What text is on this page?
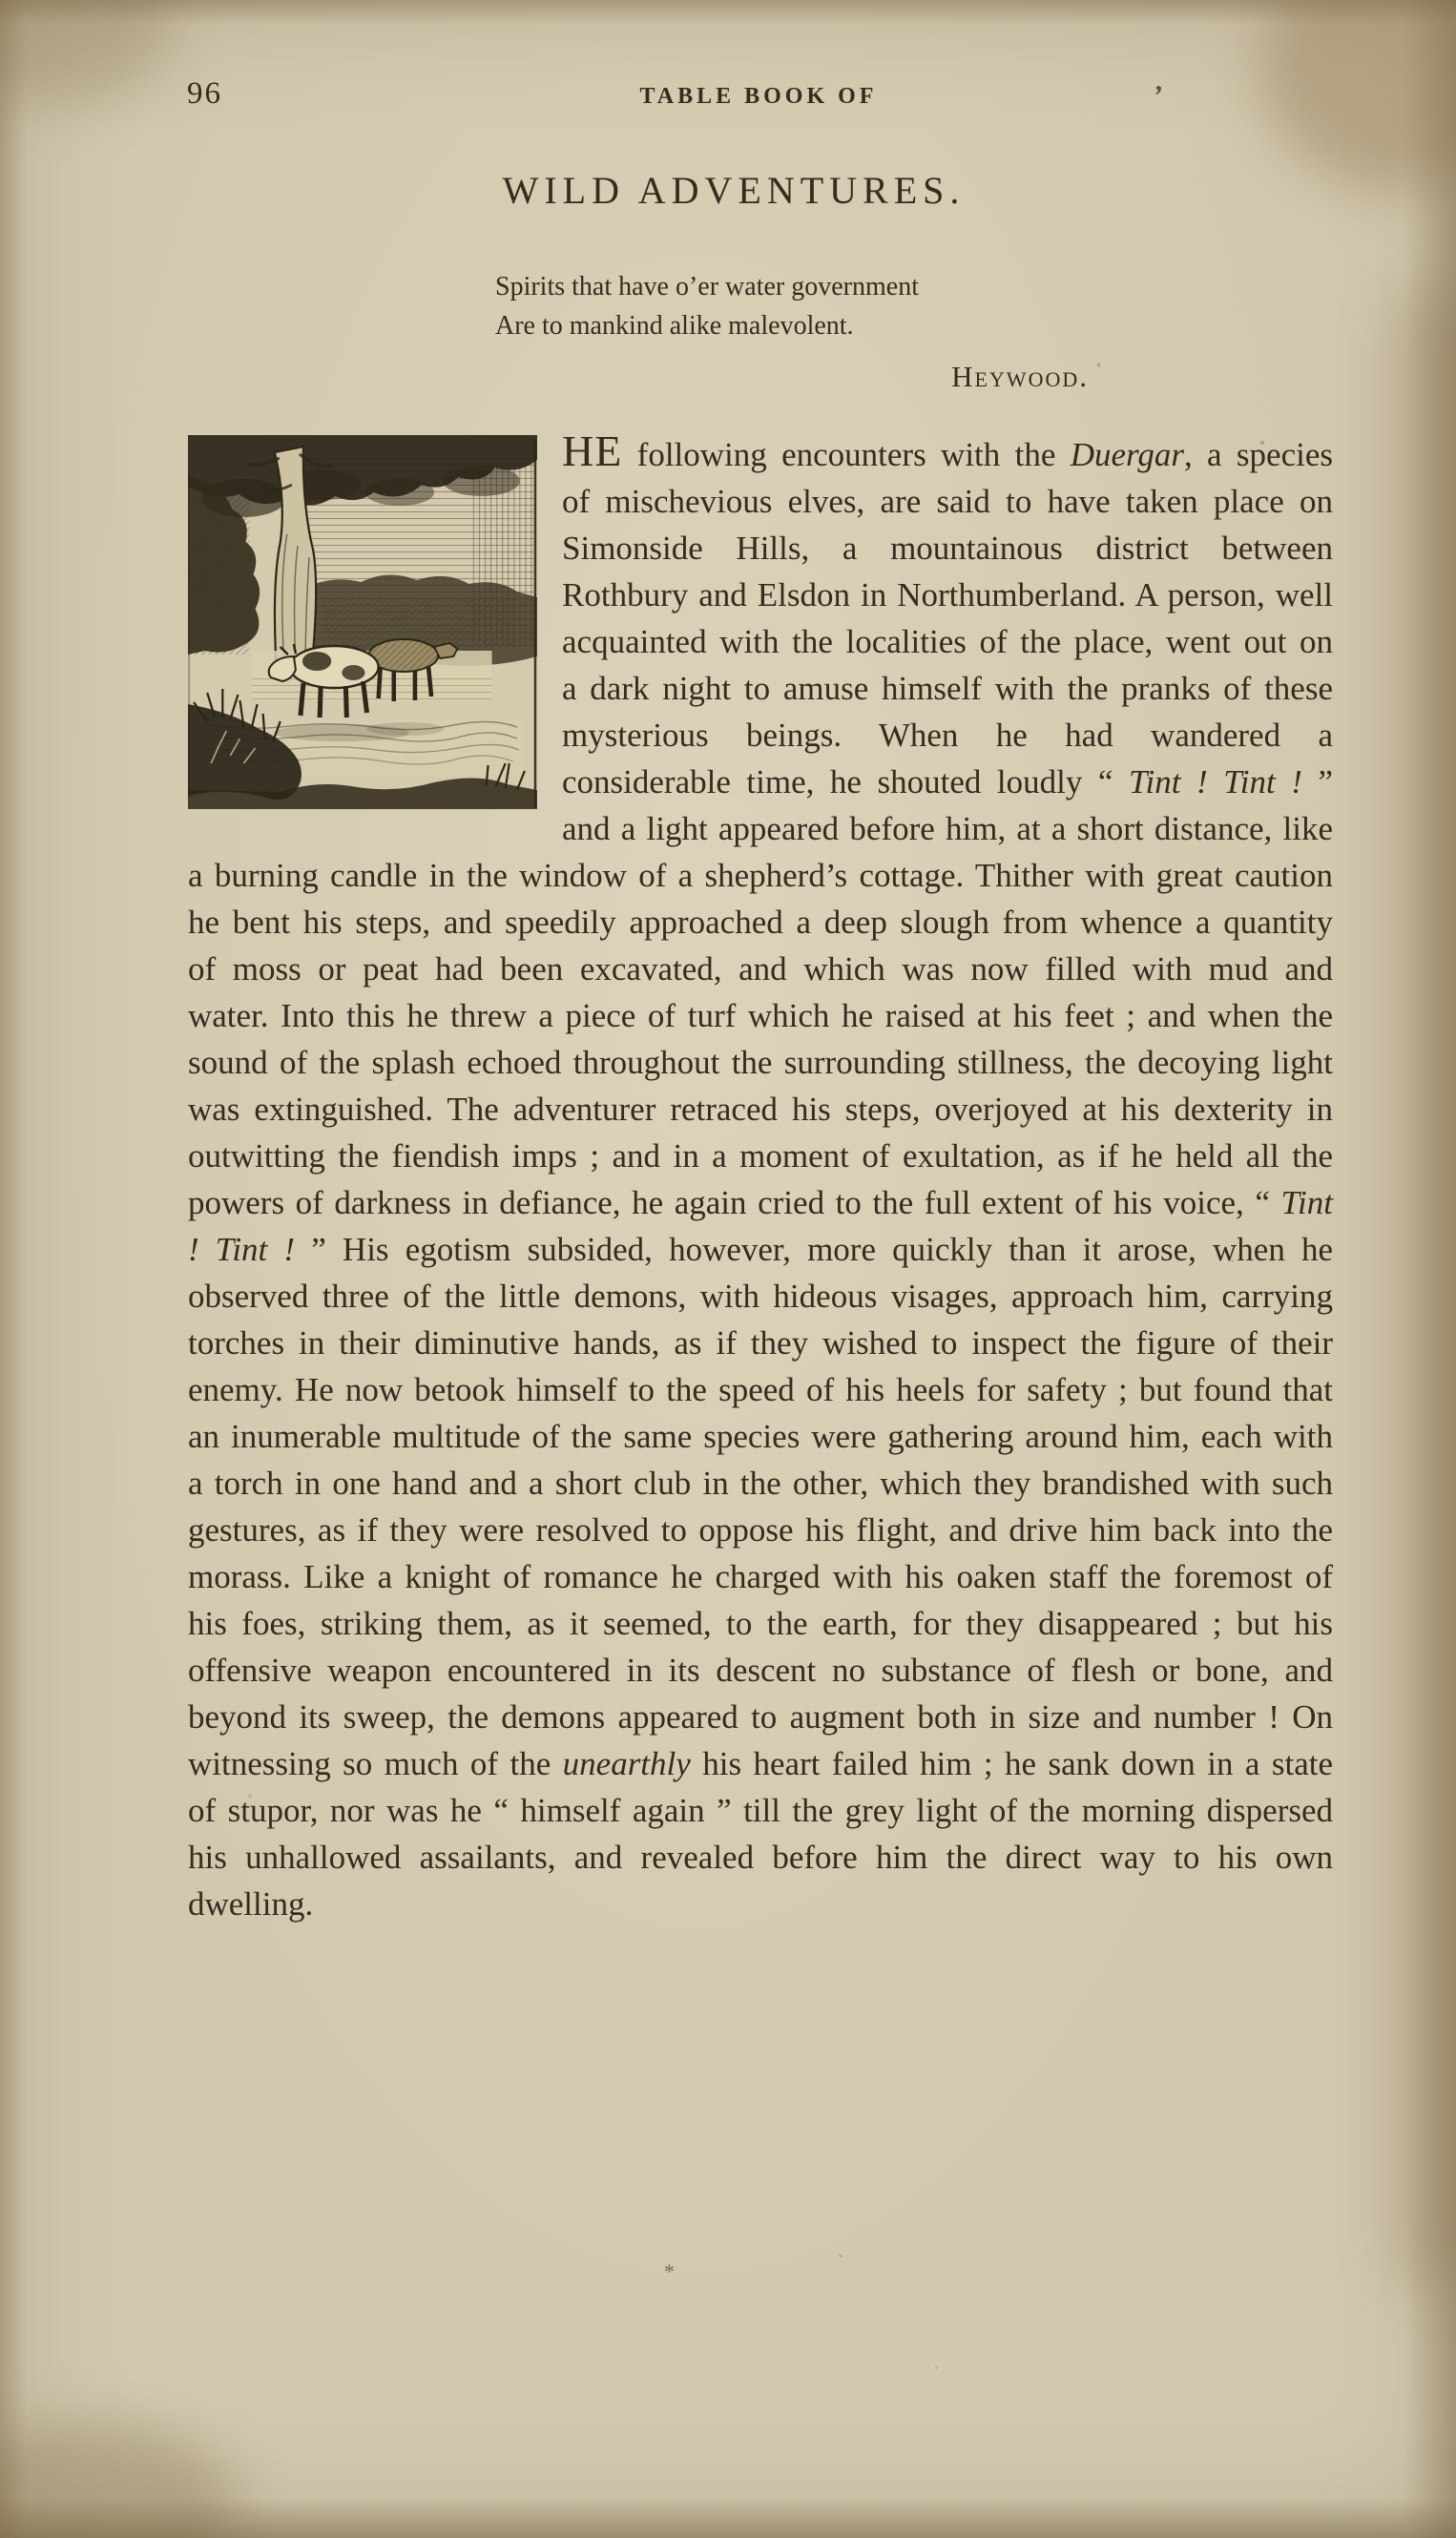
96	TABLE BOOK OF	ʼ
WILD ADVENTURES.
Spirits that have o’er water government
Are to mankind alike malevolent.
Heywood.

HE following encounters with the Duergar, a species of mischevious elves, are said to have taken place on Simonside Hills, a mountainous district between Rothbury and Elsdon in Northumberland. A person, well acquainted with the localities of the place, went out on a dark night to amuse himself with the pranks of these mysterious beings. When he had wandered a considerable time, he shouted loudly “ Tint ! Tint ! ” and a light appeared before him, at a short distance, like a burning candle in the window of a shepherd’s cottage. Thither with great caution he bent his steps, and speedily approached a deep slough from whence a quantity of moss or peat had been excavated, and which was now filled with mud and water. Into this he threw a piece of turf which he raised at his feet ; and when the sound of the splash echoed throughout the surrounding stillness, the decoying light was extinguished. The adventurer retraced his steps, overjoyed at his dexterity in outwitting the fiendish imps ; and in a moment of exultation, as if he held all the powers of darkness in defiance, he again cried to the full extent of his voice, “ Tint ! Tint ! ” His egotism subsided, however, more quickly than it arose, when he observed three of the little demons, with hideous visages, approach him, carrying torches in their diminutive hands, as if they wished to inspect the figure of their enemy. He now betook himself to the speed of his heels for safety ; but found that an inumerable multitude of the same species were gathering around him, each with a torch in one hand and a short club in the other, which they brandished with such gestures, as if they were resolved to oppose his flight, and drive him back into the morass. Like a knight of romance he charged with his oaken staff the foremost of his foes, striking them, as it seemed, to the earth, for they disappeared ; but his offensive weapon encountered in its descent no substance of flesh or bone, and beyond its sweep, the demons appeared to augment both in size and number ! On witnessing so much of the unearthly his heart failed him ; he sank down in a state of stupor, nor was he “ himself again ” till the grey light of the morning dispersed his unhallowed assailants, and revealed before him the direct way to his own dwelling.

*	ˋ
